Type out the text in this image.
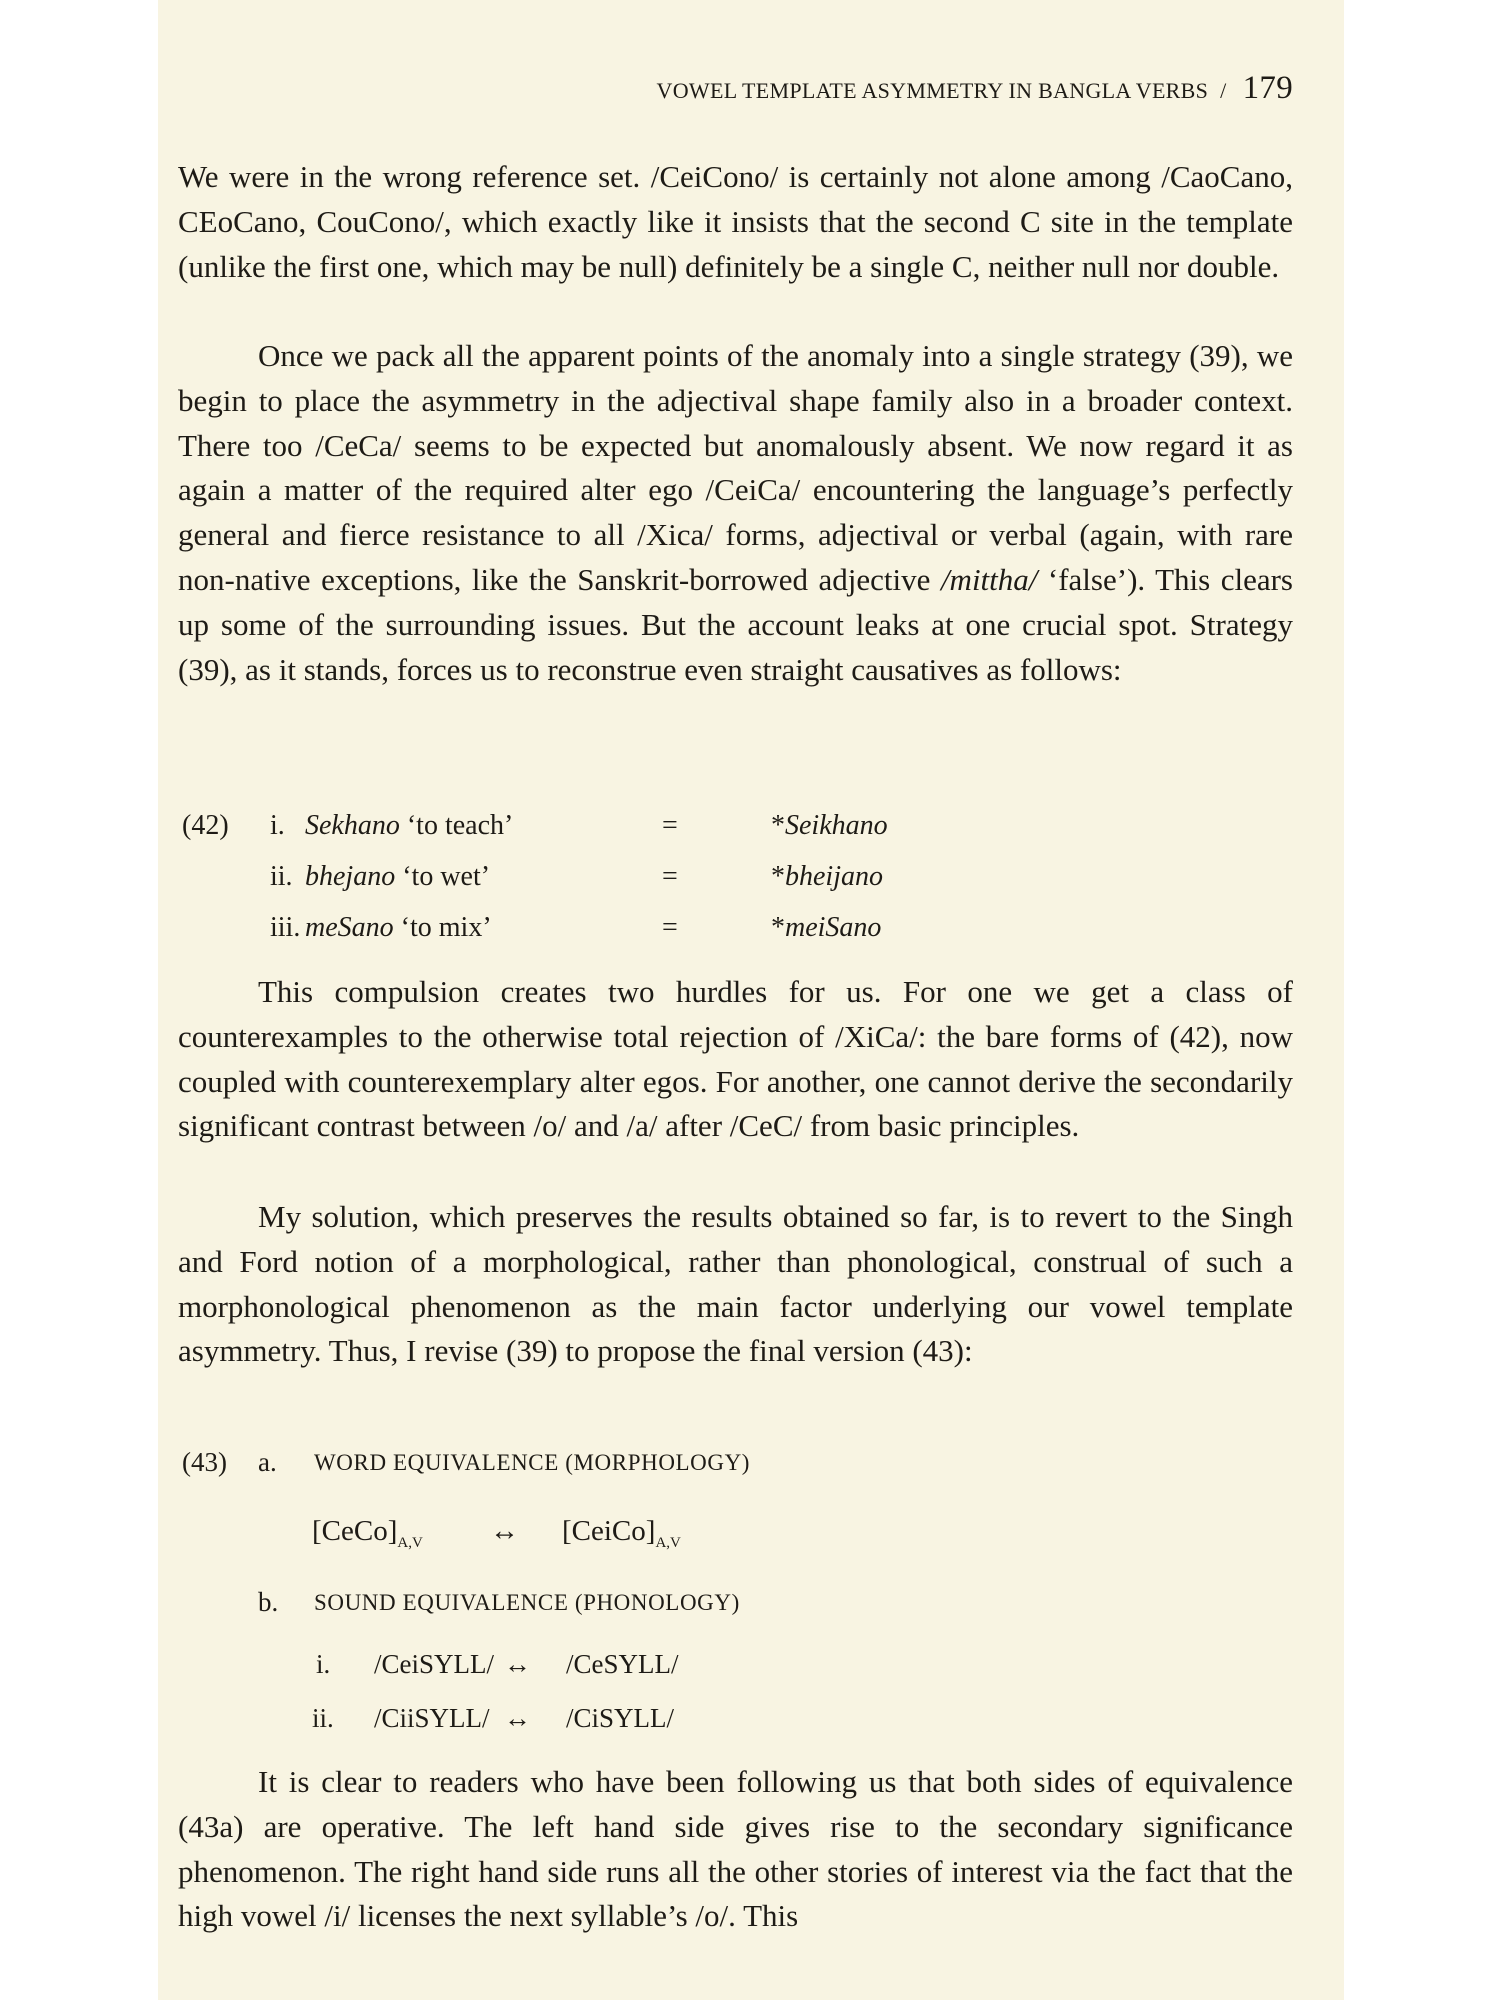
VOWEL TEMPLATE ASYMMETRY IN BANGLA VERBS / 179

We were in the wrong reference set. /CeiCono/ is certainly not alone among /CaoCano, CEoCano, CouCono/, which exactly like it insists that the second C site in the template (unlike the first one, which may be null) definitely be a single C, neither null nor double.

Once we pack all the apparent points of the anomaly into a single strategy (39), we begin to place the asymmetry in the adjectival shape family also in a broader context. There too /CeCa/ seems to be expected but anomalously absent. We now regard it as again a matter of the required alter ego /CeiCa/ encountering the language’s perfectly general and fierce resistance to all /Xica/ forms, adjectival or verbal (again, with rare non-native exceptions, like the Sanskrit-borrowed adjective /mittha/ ‘false’). This clears up some of the surrounding issues. But the account leaks at one crucial spot. Strategy (39), as it stands, forces us to reconstrue even straight causatives as follows:

(42) i. Sekhano ‘to teach’	=	*Seikhano
ii. bhejano ‘to wet’	=	*bheijano
iii. meSano ‘to mix’	=	*meiSano

This compulsion creates two hurdles for us. For one we get a class of counterexamples to the otherwise total rejection of /XiCa/: the bare forms of (42), now coupled with counterexemplary alter egos. For another, one cannot derive the secondarily significant contrast between /o/ and /a/ after /CeC/ from basic principles.

My solution, which preserves the results obtained so far, is to revert to the Singh and Ford notion of a morphological, rather than phonological, construal of such a morphonological phenomenon as the main factor underlying our vowel template asymmetry. Thus, I revise (39) to propose the final version (43):

(43) a. WORD EQUIVALENCE (MORPHOLOGY)
$[CeCo]_{A,V}$ ↔ $[CeiCo]_{A,V}$
b. SOUND EQUIVALENCE (PHONOLOGY)
i. /CeiSYLL/ ↔ /CeSYLL/
ii. /CiiSYLL/ ↔ /CiSYLL/

It is clear to readers who have been following us that both sides of equivalence (43a) are operative. The left hand side gives rise to the secondary significance phenomenon. The right hand side runs all the other stories of interest via the fact that the high vowel /i/ licenses the next syllable’s /o/. This
